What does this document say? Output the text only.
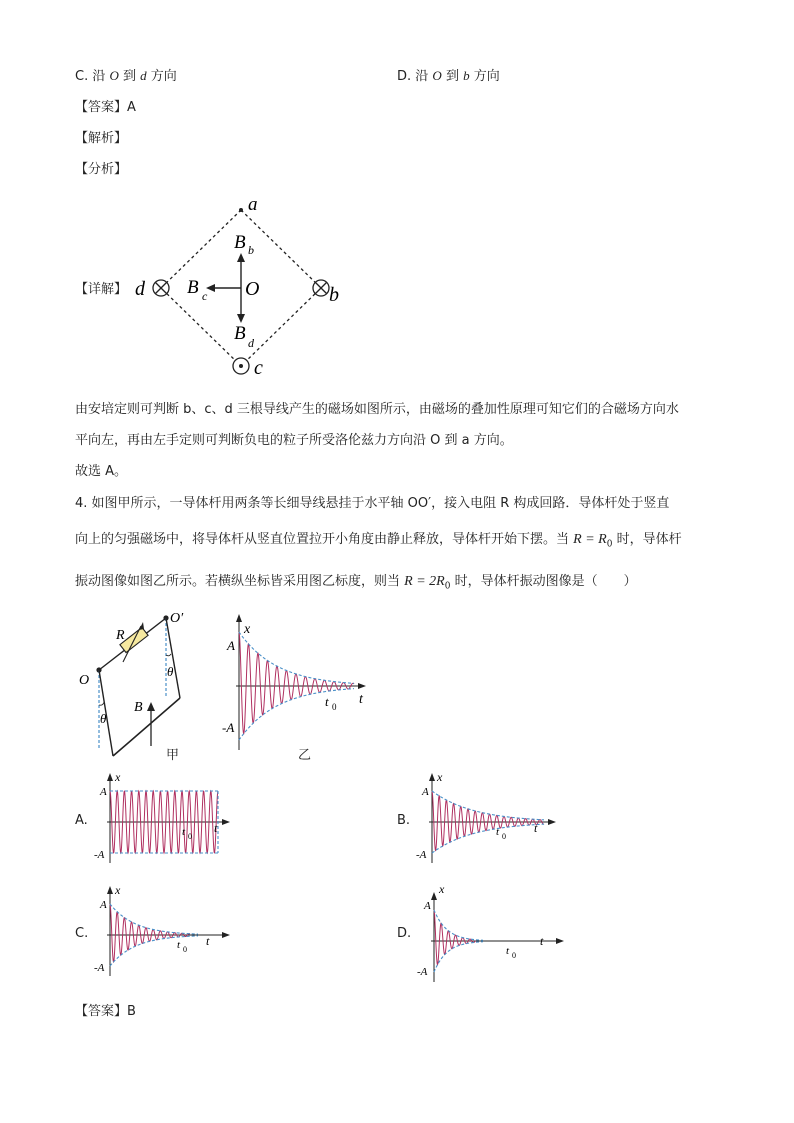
C. 沿 O 到 d 方向	D. 沿 O 到 b 方向
【答案】A
【解析】
【分析】
【详解】
a
d	b
c
O
B b
B c
B d
由安培定则可判断 b、c、d 三根导线产生的磁场如图所示，由磁场的叠加性原理可知它们的合磁场方向水
平向左，再由左手定则可判断负电的粒子所受洛伦兹力方向沿 O 到 a 方向。
故选 A。
4. 如图甲所示，一导体杆用两条等长细导线悬挂于水平轴 OO′，接入电阻 R 构成回路．导体杆处于竖直
向上的匀强磁场中，将导体杆从竖直位置拉开小角度由静止释放，导体杆开始下摆。当 $R = R_0$ 时，导体杆
振动图像如图乙所示。若横纵坐标皆采用图乙标度，则当 $R = 2R_0$ 时，导体杆振动图像是（　　）
R
O
O′
θ
θ
B
甲
x
t
A
-A
t 0
乙
A.
x
t
A
-A
t 0
B.
x
t
A
-A
t 0
C.
x
t
A
-A
t 0
D.
x
t
A
-A
t 0
【答案】B
